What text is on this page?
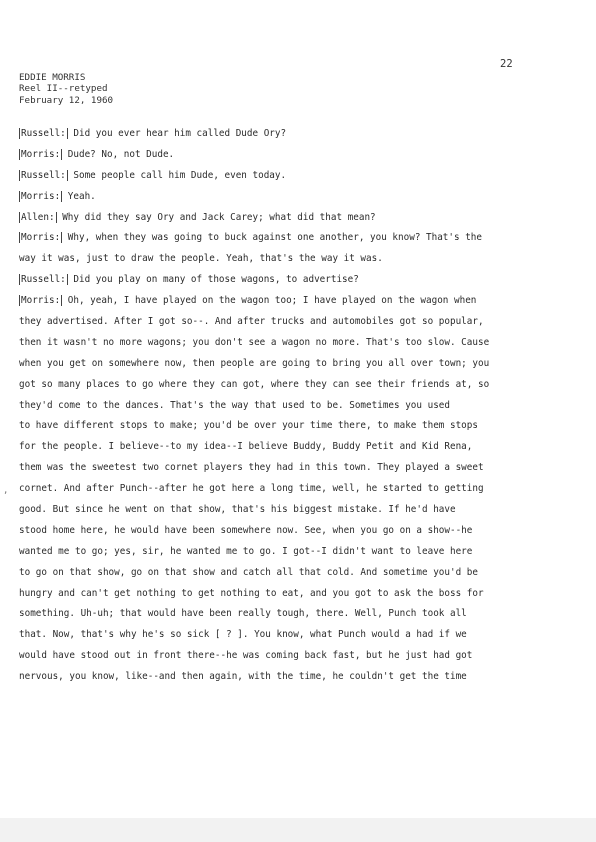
22
EDDIE MORRIS
Reel II--retyped
February 12, 1960
,
Russell: Did you ever hear him called Dude Ory?
Morris: Dude? No, not Dude.
Russell: Some people call him Dude, even today.
Morris: Yeah.
Allen: Why did they say Ory and Jack Carey; what did that mean?
Morris: Why, when they was going to buck against one another, you know? That's the
way it was, just to draw the people. Yeah, that's the way it was.
Russell: Did you play on many of those wagons, to advertise?
Morris: Oh, yeah, I have played on the wagon too; I have played on the wagon when
they advertised. After I got so--. And after trucks and automobiles got so popular,
then it wasn't no more wagons; you don't see a wagon no more. That's too slow. Cause
when you get on somewhere now, then people are going to bring you all over town; you
got so many places to go where they can got, where they can see their friends at, so
they'd come to the dances. That's the way that used to be. Sometimes you used
to have different stops to make; you'd be over your time there, to make them stops
for the people. I believe--to my idea--I believe Buddy, Buddy Petit and Kid Rena,
them was the sweetest two cornet players they had in this town. They played a sweet
cornet. And after Punch--after he got here a long time, well, he started to getting
good. But since he went on that show, that's his biggest mistake. If he'd have
stood home here, he would have been somewhere now. See, when you go on a show--he
wanted me to go; yes, sir, he wanted me to go. I got--I didn't want to leave here
to go on that show, go on that show and catch all that cold. And sometime you'd be
hungry and can't get nothing to get nothing to eat, and you got to ask the boss for
something. Uh-uh; that would have been really tough, there. Well, Punch took all
that. Now, that's why he's so sick [ ? ]. You know, what Punch would a had if we
would have stood out in front there--he was coming back fast, but he just had got
nervous, you know, like--and then again, with the time, he couldn't get the time
